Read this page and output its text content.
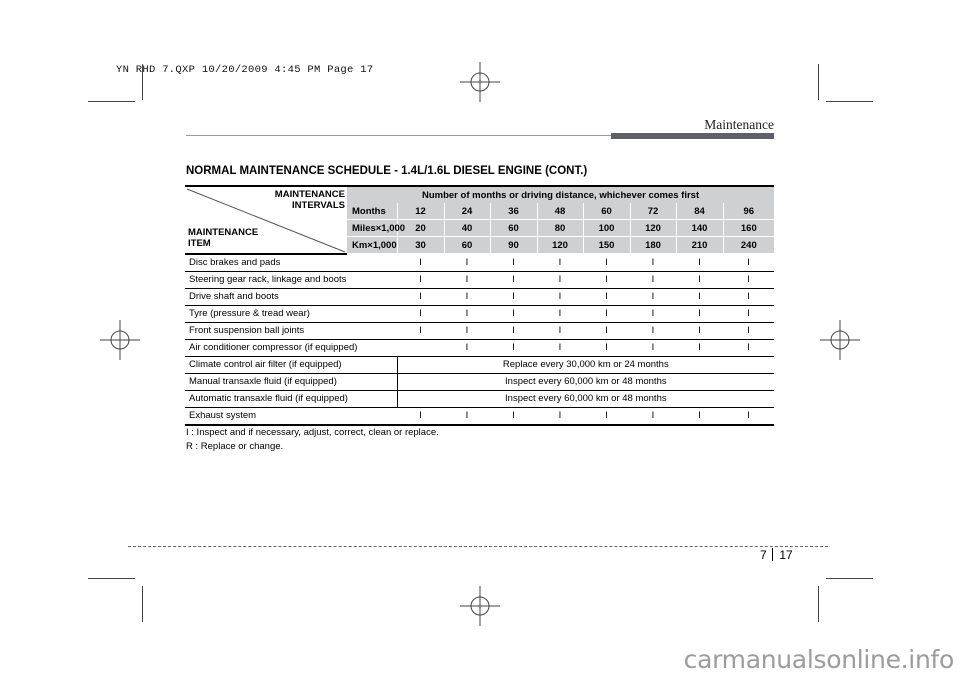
YN RHD 7.QXP 10/20/2009 4:45 PM Page 17
Maintenance
NORMAL MAINTENANCE SCHEDULE - 1.4L/1.6L DIESEL ENGINE (CONT.)
MAINTENANCE
INTERVALS
MAINTENANCE
ITEM	Number of months or driving distance, whichever comes first								
	Months	12	24	36	48	60	72	84	96
	Miles×1,000	20	40	60	80	100	120	140	160
	Km×1,000	30	60	90	120	150	180	210	240
Disc brakes and pads		I	I	I	I	I	I	I	I
Steering gear rack, linkage and boots		I	I	I	I	I	I	I	I
Drive shaft and boots		I	I	I	I	I	I	I	I
Tyre (pressure & tread wear)		I	I	I	I	I	I	I	I
Front suspension ball joints		I	I	I	I	I	I	I	I
Air conditioner compressor (if equipped)			I	I	I	I	I	I	I
Climate control air filter (if equipped)		Replace every 30,000 km or 24 months							
Manual transaxle fluid (if equipped)		Inspect every 60,000 km or 48 months							
Automatic transaxle fluid (if equipped)		Inspect every 60,000 km or 48 months							
Exhaust system		I	I	I	I	I	I	I	I
I : Inspect and if necessary, adjust, correct, clean or replace.
R : Replace or change.
7 17
carmanualsonline.info
